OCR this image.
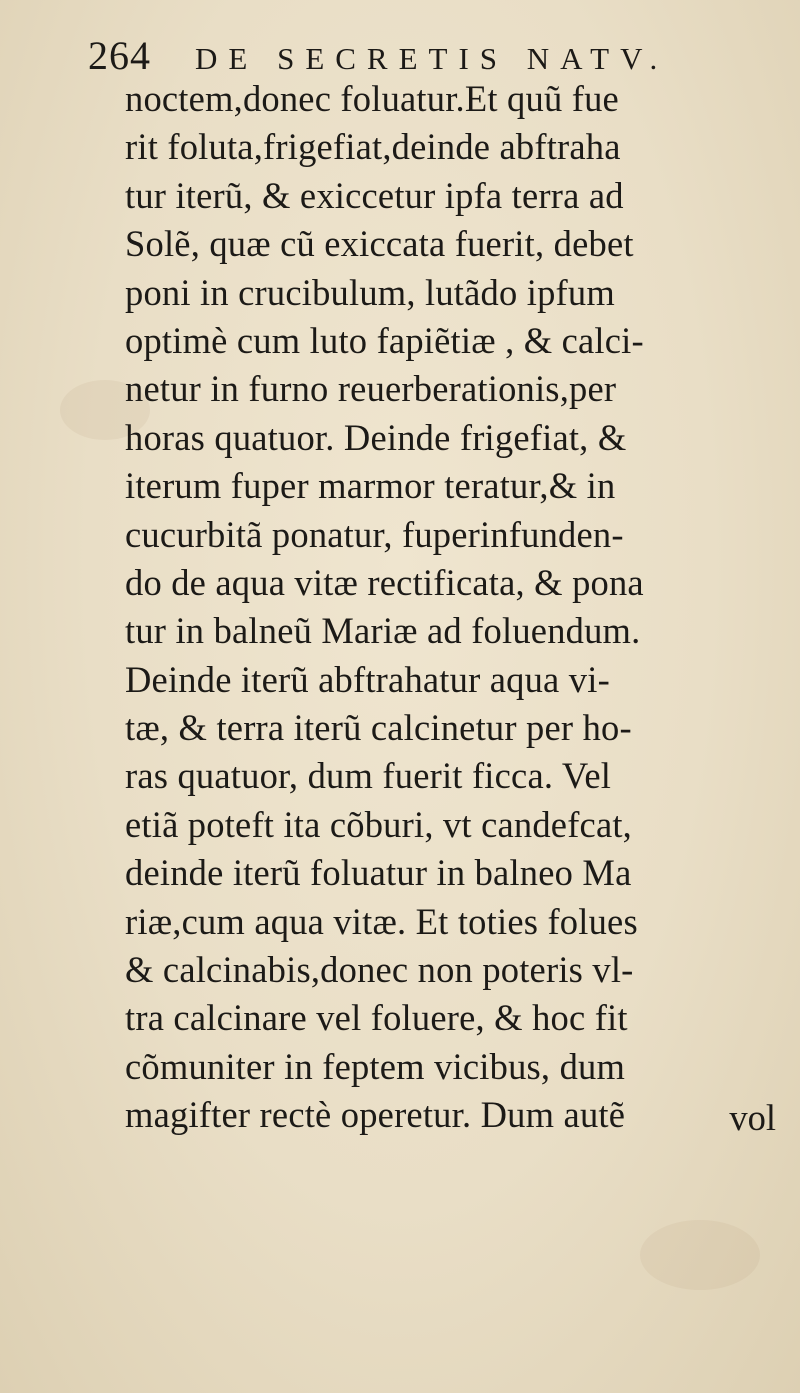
264 DE SECRETIS NATV.
noctem,donec foluatur.Et quũ fue
rit foluta,frigefiat,deinde abftraha
tur iterũ, & exiccetur ipfa terra ad
Solẽ, quæ cũ exiccata fuerit, debet
poni in crucibulum, lutãdo ipfum
optimè cum luto fapiẽtiæ , & calci-
netur in furno reuerberationis,per
horas quatuor. Deinde frigefiat, &
iterum fuper marmor teratur,& in
cucurbitã ponatur, fuperinfunden-
do de aqua vitæ rectificata, & pona
tur in balneũ Mariæ ad foluendum.
Deinde iterũ abftrahatur aqua vi-
tæ, & terra iterũ calcinetur per ho-
ras quatuor, dum fuerit ficca. Vel
etiã poteft ita cõburi, vt candefcat,
deinde iterũ foluatur in balneo Ma
riæ,cum aqua vitæ. Et toties folues
& calcinabis,donec non poteris vl-
tra calcinare vel foluere, & hoc fit
cõmuniter in feptem vicibus, dum
magifter rectè operetur. Dum autẽ	vol
